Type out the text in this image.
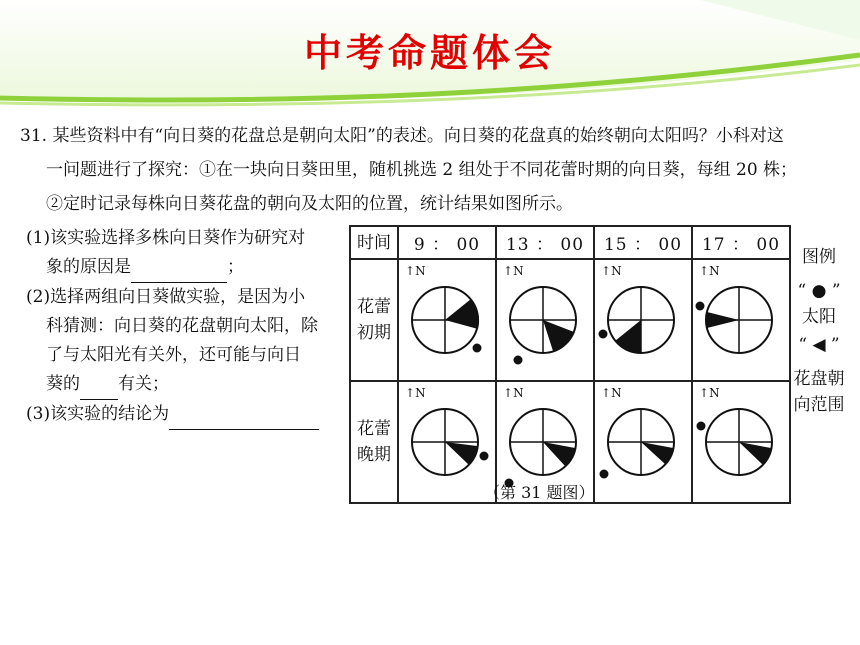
中考命题体会
31. 某些资料中有“向日葵的花盘总是朝向太阳”的表述。向日葵的花盘真的始终朝向太阳吗？小科对这
一问题进行了探究：①在一块向日葵田里，随机挑选 2 组处于不同花蕾时期的向日葵，每组 20 株；
②定时记录每株向日葵花盘的朝向及太阳的位置，统计结果如图所示。
(1)该实验选择多株向日葵作为研究对
象的原因是	；
(2)选择两组向日葵做实验，是因为小
科猜测：向日葵的花盘朝向太阳，除
了与太阳光有关外，还可能与向日
葵的 有关；
(3)该实验的结论为
时间	9 ： 00	13 ： 00	15 ： 00	17 ： 00

花蕾
初期	↑N	↑N	↑N	↑N

花蕾
晚期	↑N	↑N	↑N	↑N
图例
“ ● ”
太阳
“ ◀ ”
花盘朝
向范围
（第 31 题图）
